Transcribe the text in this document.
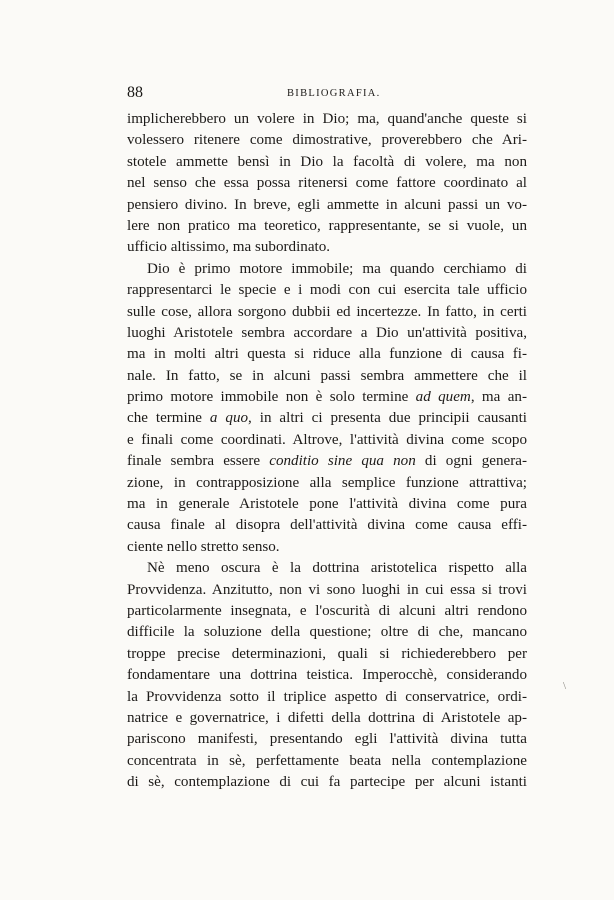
88	BIBLIOGRAFIA.
implicherebbero un volere in Dio; ma, quand'anche queste si
volessero ritenere come dimostrative, proverebbero che Ari-
stotele ammette bensì in Dio la facoltà di volere, ma non
nel senso che essa possa ritenersi come fattore coordinato al
pensiero divino. In breve, egli ammette in alcuni passi un vo-
lere non pratico ma teoretico, rappresentante, se si vuole, un
ufficio altissimo, ma subordinato.
Dio è primo motore immobile; ma quando cerchiamo di
rappresentarci le specie e i modi con cui esercita tale ufficio
sulle cose, allora sorgono dubbii ed incertezze. In fatto, in certi
luoghi Aristotele sembra accordare a Dio un'attività positiva,
ma in molti altri questa si riduce alla funzione di causa fi-
nale. In fatto, se in alcuni passi sembra ammettere che il
primo motore immobile non è solo termine ad quem, ma an-
che termine a quo, in altri ci presenta due principii causanti
e finali come coordinati. Altrove, l'attività divina come scopo
finale sembra essere conditio sine qua non di ogni genera-
zione, in contrapposizione alla semplice funzione attrattiva;
ma in generale Aristotele pone l'attività divina come pura
causa finale al disopra dell'attività divina come causa effi-
ciente nello stretto senso.
Nè meno oscura è la dottrina aristotelica rispetto alla
Provvidenza. Anzitutto, non vi sono luoghi in cui essa si trovi
particolarmente insegnata, e l'oscurità di alcuni altri rendono
difficile la soluzione della questione; oltre di che, mancano
troppe precise determinazioni, quali si richiederebbero per
fondamentare una dottrina teistica. Imperocchè, considerando
la Provvidenza sotto il triplice aspetto di conservatrice, ordi-
natrice e governatrice, i difetti della dottrina di Aristotele ap-
pariscono manifesti, presentando egli l'attività divina tutta
concentrata in sè, perfettamente beata nella contemplazione
di sè, contemplazione di cui fa partecipe per alcuni istanti
\
